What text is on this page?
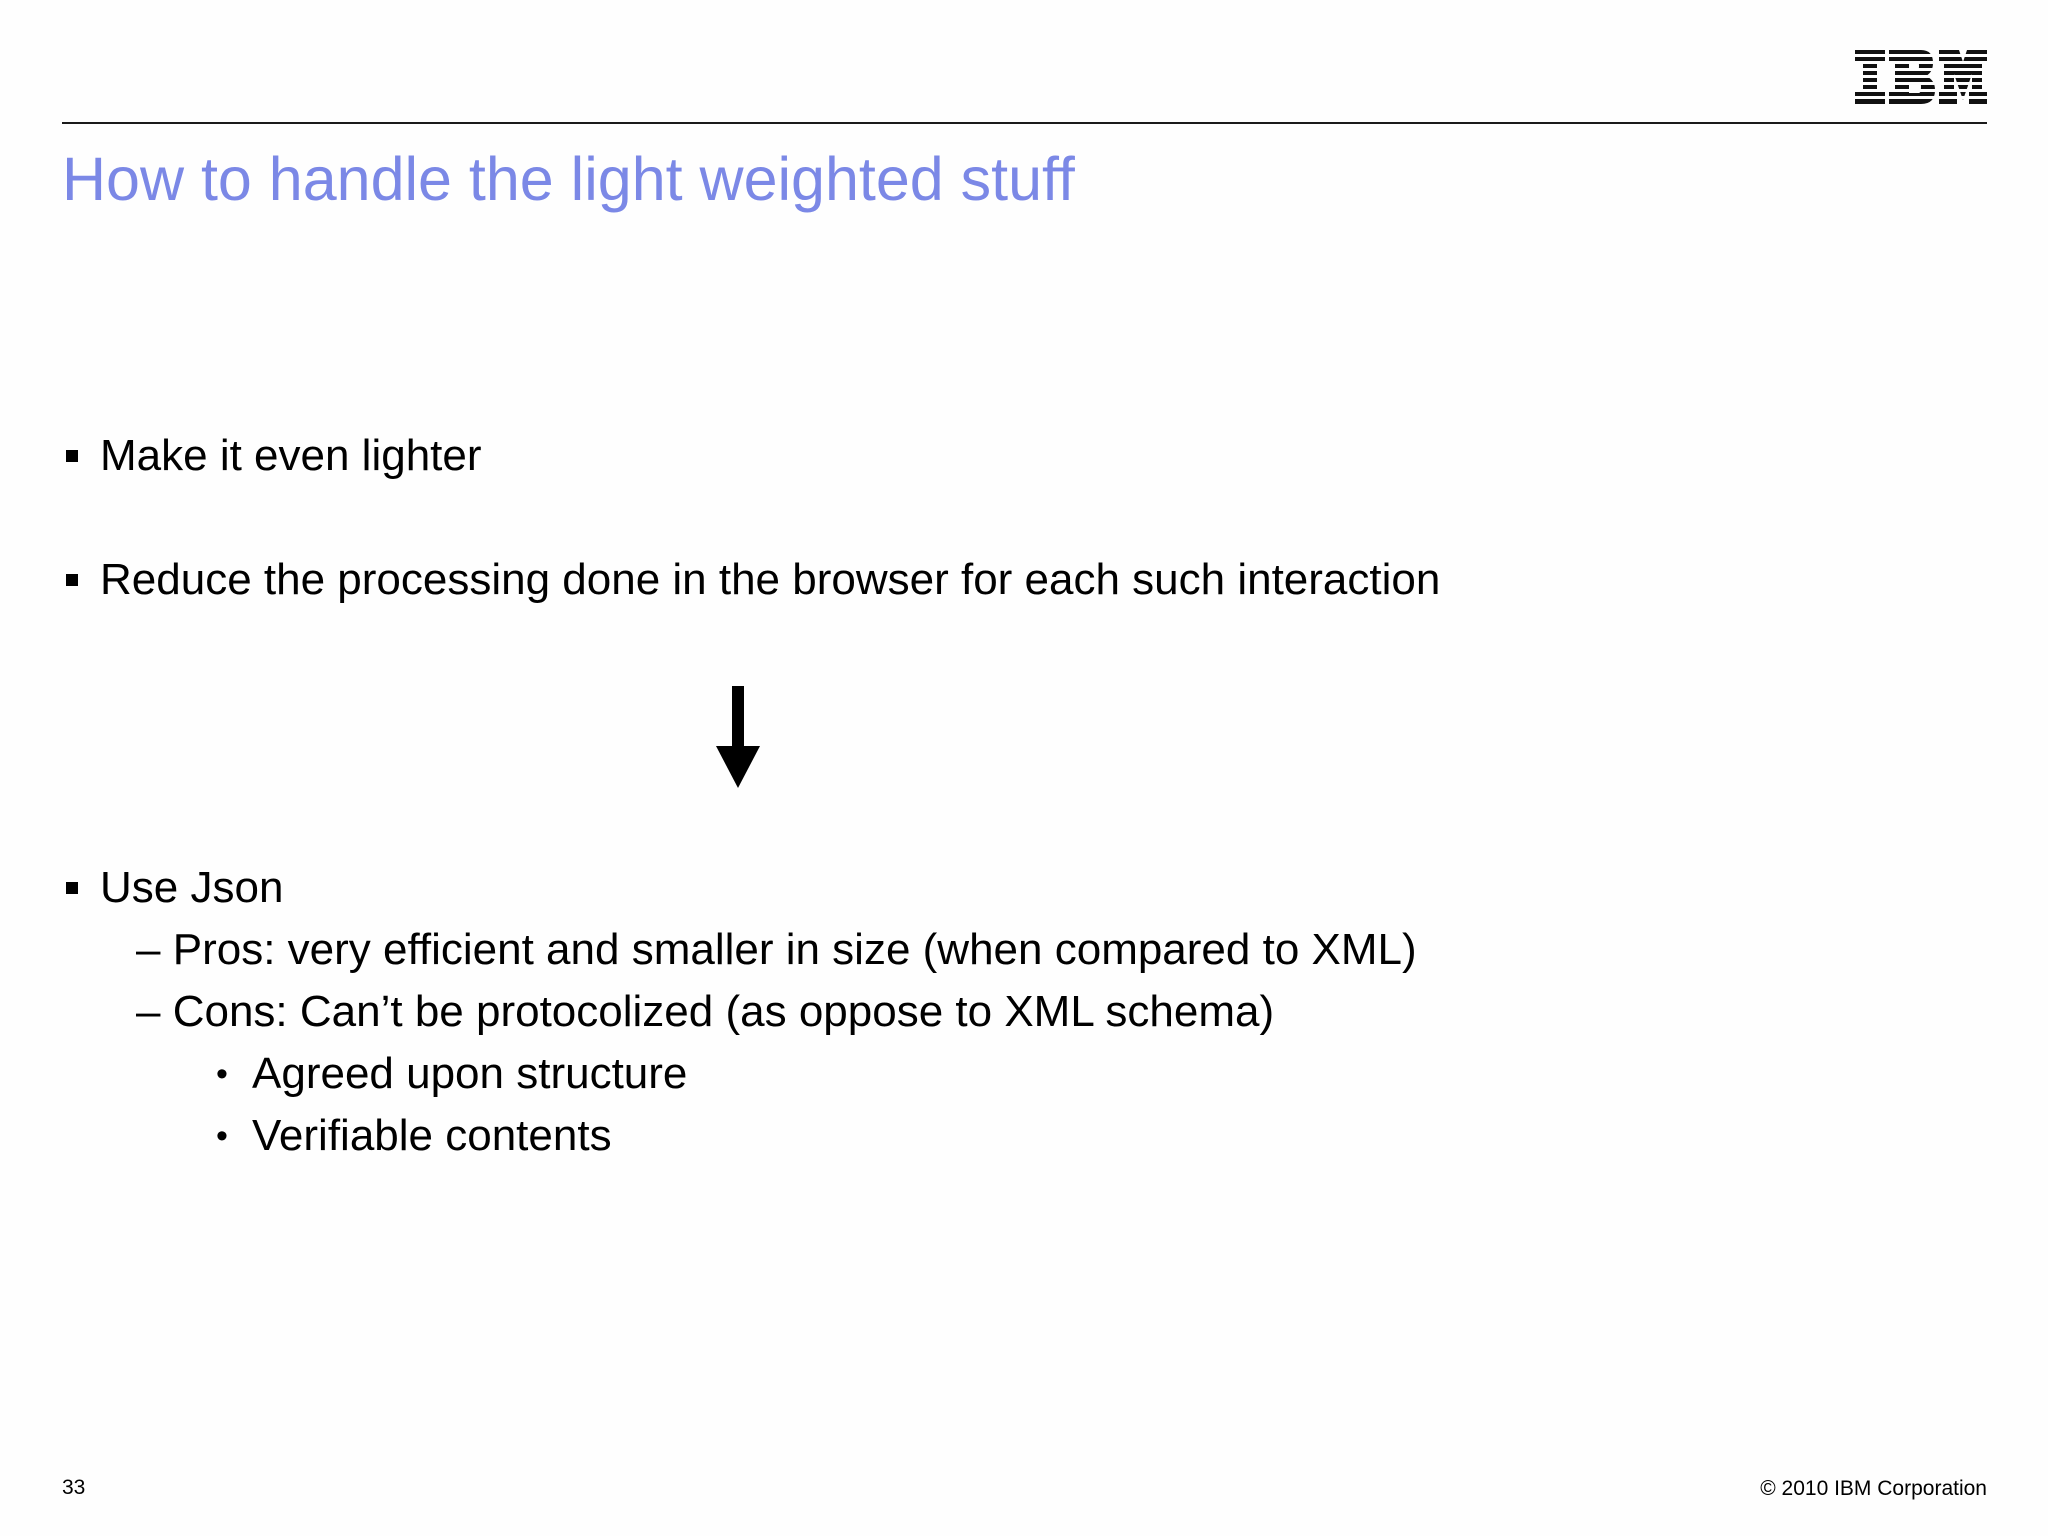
How to handle the light weighted stuff
Make it even lighter
Reduce the processing done in the browser for each such interaction
Use Json
– Pros: very efficient and smaller in size (when compared to XML)
– Cons: Can’t be protocolized (as oppose to XML schema)
• Agreed upon structure
• Verifiable contents
33	© 2010 IBM Corporation
